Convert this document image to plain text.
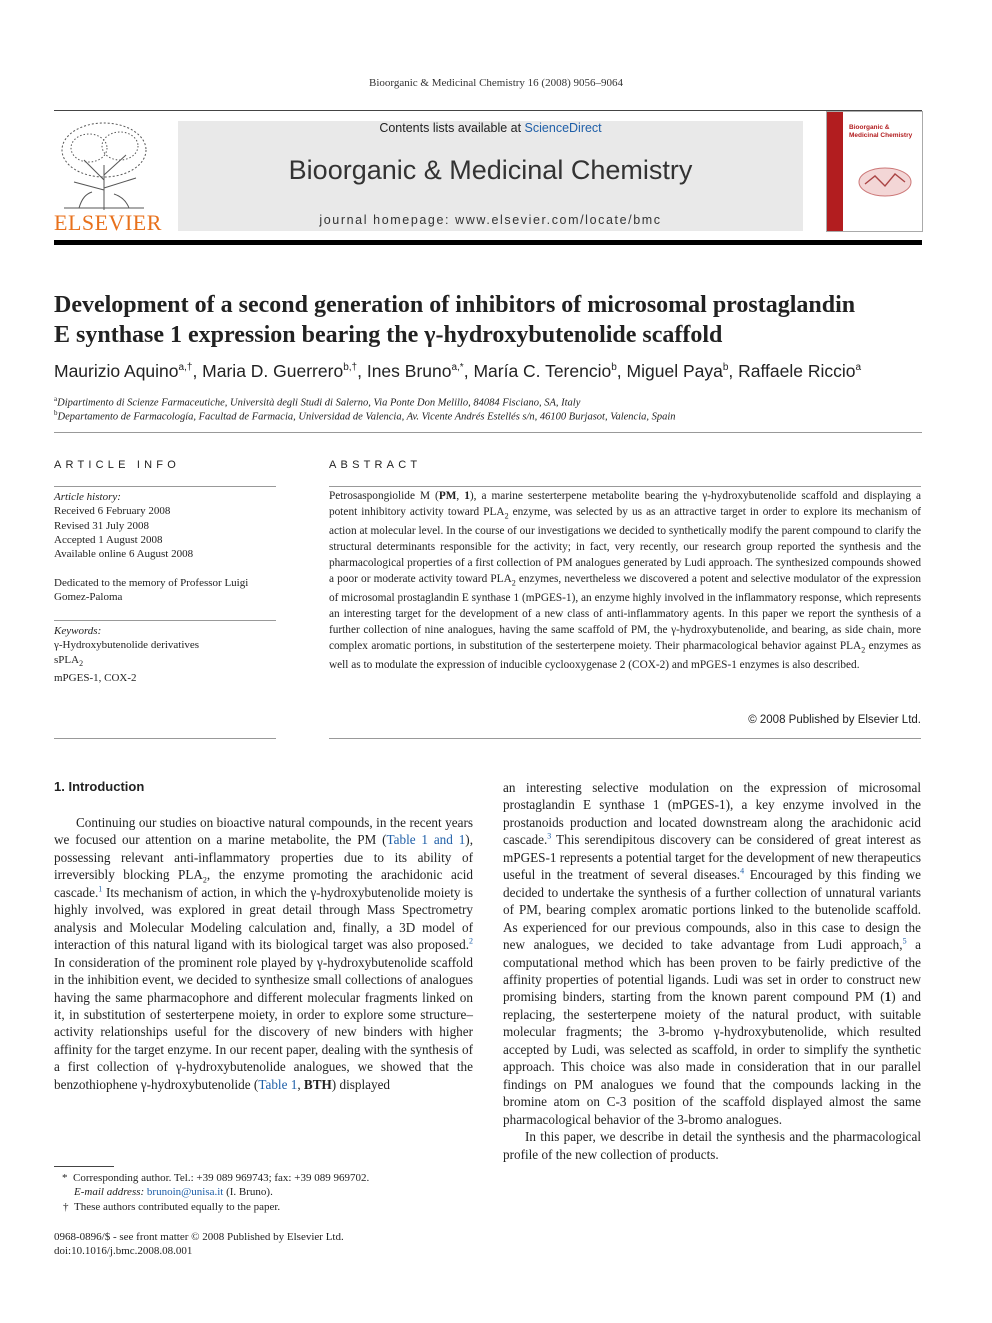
Bioorganic & Medicinal Chemistry 16 (2008) 9056–9064
ELSEVIER
Contents lists available at ScienceDirect
Bioorganic & Medicinal Chemistry
journal homepage: www.elsevier.com/locate/bmc
Bioorganic & Medicinal Chemistry
Development of a second generation of inhibitors of microsomal prostaglandin
E synthase 1 expression bearing the γ-hydroxybutenolide scaffold
Maurizio Aquino$^{a,\dagger}$, Maria D. Guerrero$^{b,\dagger}$, Ines Bruno$^{a,*}$, María C. Terencio$^b$, Miguel Paya$^b$, Raffaele Riccio$^a$
$^a$Dipartimento di Scienze Farmaceutiche, Università degli Studi di Salerno, Via Ponte Don Melillo, 84084 Fisciano, SA, Italy
$^b$Departamento de Farmacología, Facultad de Farmacia, Universidad de Valencia, Av. Vicente Andrés Estellés s/n, 46100 Burjasot, Valencia, Spain
ARTICLE INFO
Article history:
Received 6 February 2008
Revised 31 July 2008
Accepted 1 August 2008
Available online 6 August 2008
Dedicated to the memory of Professor Luigi
Gomez-Paloma
Keywords:
γ-Hydroxybutenolide derivatives
sPLA$_2$
mPGES-1, COX-2
ABSTRACT
Petrosaspongiolide M (PM, 1), a marine sesterterpene metabolite bearing the γ-hydroxybutenolide scaffold and displaying a potent inhibitory activity toward $PLA_2$ enzyme, was selected by us as an attractive target in order to explore its mechanism of action at molecular level. In the course of our investigations we decided to synthetically modify the parent compound to clarify the structural determinants responsible for the activity; in fact, very recently, our research group reported the synthesis and the pharmacological properties of a first collection of PM analogues generated by Ludi approach. The synthesized compounds showed a poor or moderate activity toward $PLA_2$ enzymes, nevertheless we discovered a potent and selective modulator of the expression of microsomal prostaglandin E synthase 1 (mPGES-1), an enzyme highly involved in the inflammatory response, which represents an interesting target for the development of a new class of anti-inflammatory agents. In this paper we report the synthesis of a further collection of nine analogues, having the same scaffold of PM, the γ-hydroxybutenolide, and bearing, as side chain, more complex aromatic portions, in substitution of the sesterterpene moiety. Their pharmacological behavior against $PLA_2$ enzymes as well as to modulate the expression of inducible cyclooxygenase 2 (COX-2) and mPGES-1 enzymes is also described.
© 2008 Published by Elsevier Ltd.
1. Introduction

Continuing our studies on bioactive natural compounds, in the recent years we focused our attention on a marine metabolite, the PM (Table 1 and 1), possessing relevant anti-inflammatory properties due to its ability of irreversibly blocking $PLA_2$, the enzyme promoting the arachidonic acid cascade.$^1$ Its mechanism of action, in which the γ-hydroxybutenolide moiety is highly involved, was explored in great detail through Mass Spectrometry analysis and Molecular Modeling calculation and, finally, a 3D model of interaction of this natural ligand with its biological target was also proposed.$^2$ In consideration of the prominent role played by γ-hydroxybutenolide scaffold in the inhibition event, we decided to synthesize small collections of analogues having the same pharmacophore and different molecular fragments linked on it, in substitution of sesterterpene moiety, in order to explore some structure–activity relationships useful for the discovery of new binders with higher affinity for the target enzyme. In our recent paper, dealing with the synthesis of a first collection of γ-hydroxybutenolide analogues, we showed that the benzothiophene γ-hydroxybutenolide (Table 1, BTH) displayed

an interesting selective modulation on the expression of microsomal prostaglandin E synthase 1 (mPGES-1), a key enzyme involved in the prostanoids production and located downstream along the arachidonic acid cascade.$^3$ This serendipitous discovery can be considered of great interest as mPGES-1 represents a potential target for the development of new therapeutics useful in the treatment of several diseases.$^4$ Encouraged by this finding we decided to undertake the synthesis of a further collection of unnatural variants of PM, bearing complex aromatic portions linked to the butenolide scaffold. As experienced for our previous compounds, also in this case to design the new analogues, we decided to take advantage from Ludi approach,$^5$ a computational method which has been proven to be fairly predictive of the affinity properties of potential ligands. Ludi was set in order to construct new promising binders, starting from the known parent compound PM (1) and replacing, the sesterterpene moiety of the natural product, with suitable molecular fragments; the 3-bromo γ-hydroxybutenolide, which resulted accepted by Ludi, was selected as scaffold, in order to simplify the synthetic approach. This choice was also made in consideration that in our parallel findings on PM analogues we found that the compounds lacking in the bromine atom on C-3 position of the scaffold displayed almost the same pharmacological behavior of the 3-bromo analogues.

In this paper, we describe in detail the synthesis and the pharmacological profile of the new collection of products.

* Corresponding author. Tel.: +39 089 969743; fax: +39 089 969702.
E-mail address: brunoin@unisa.it (I. Bruno).
† These authors contributed equally to the paper.
0968-0896/$ - see front matter © 2008 Published by Elsevier Ltd.
doi:10.1016/j.bmc.2008.08.001
